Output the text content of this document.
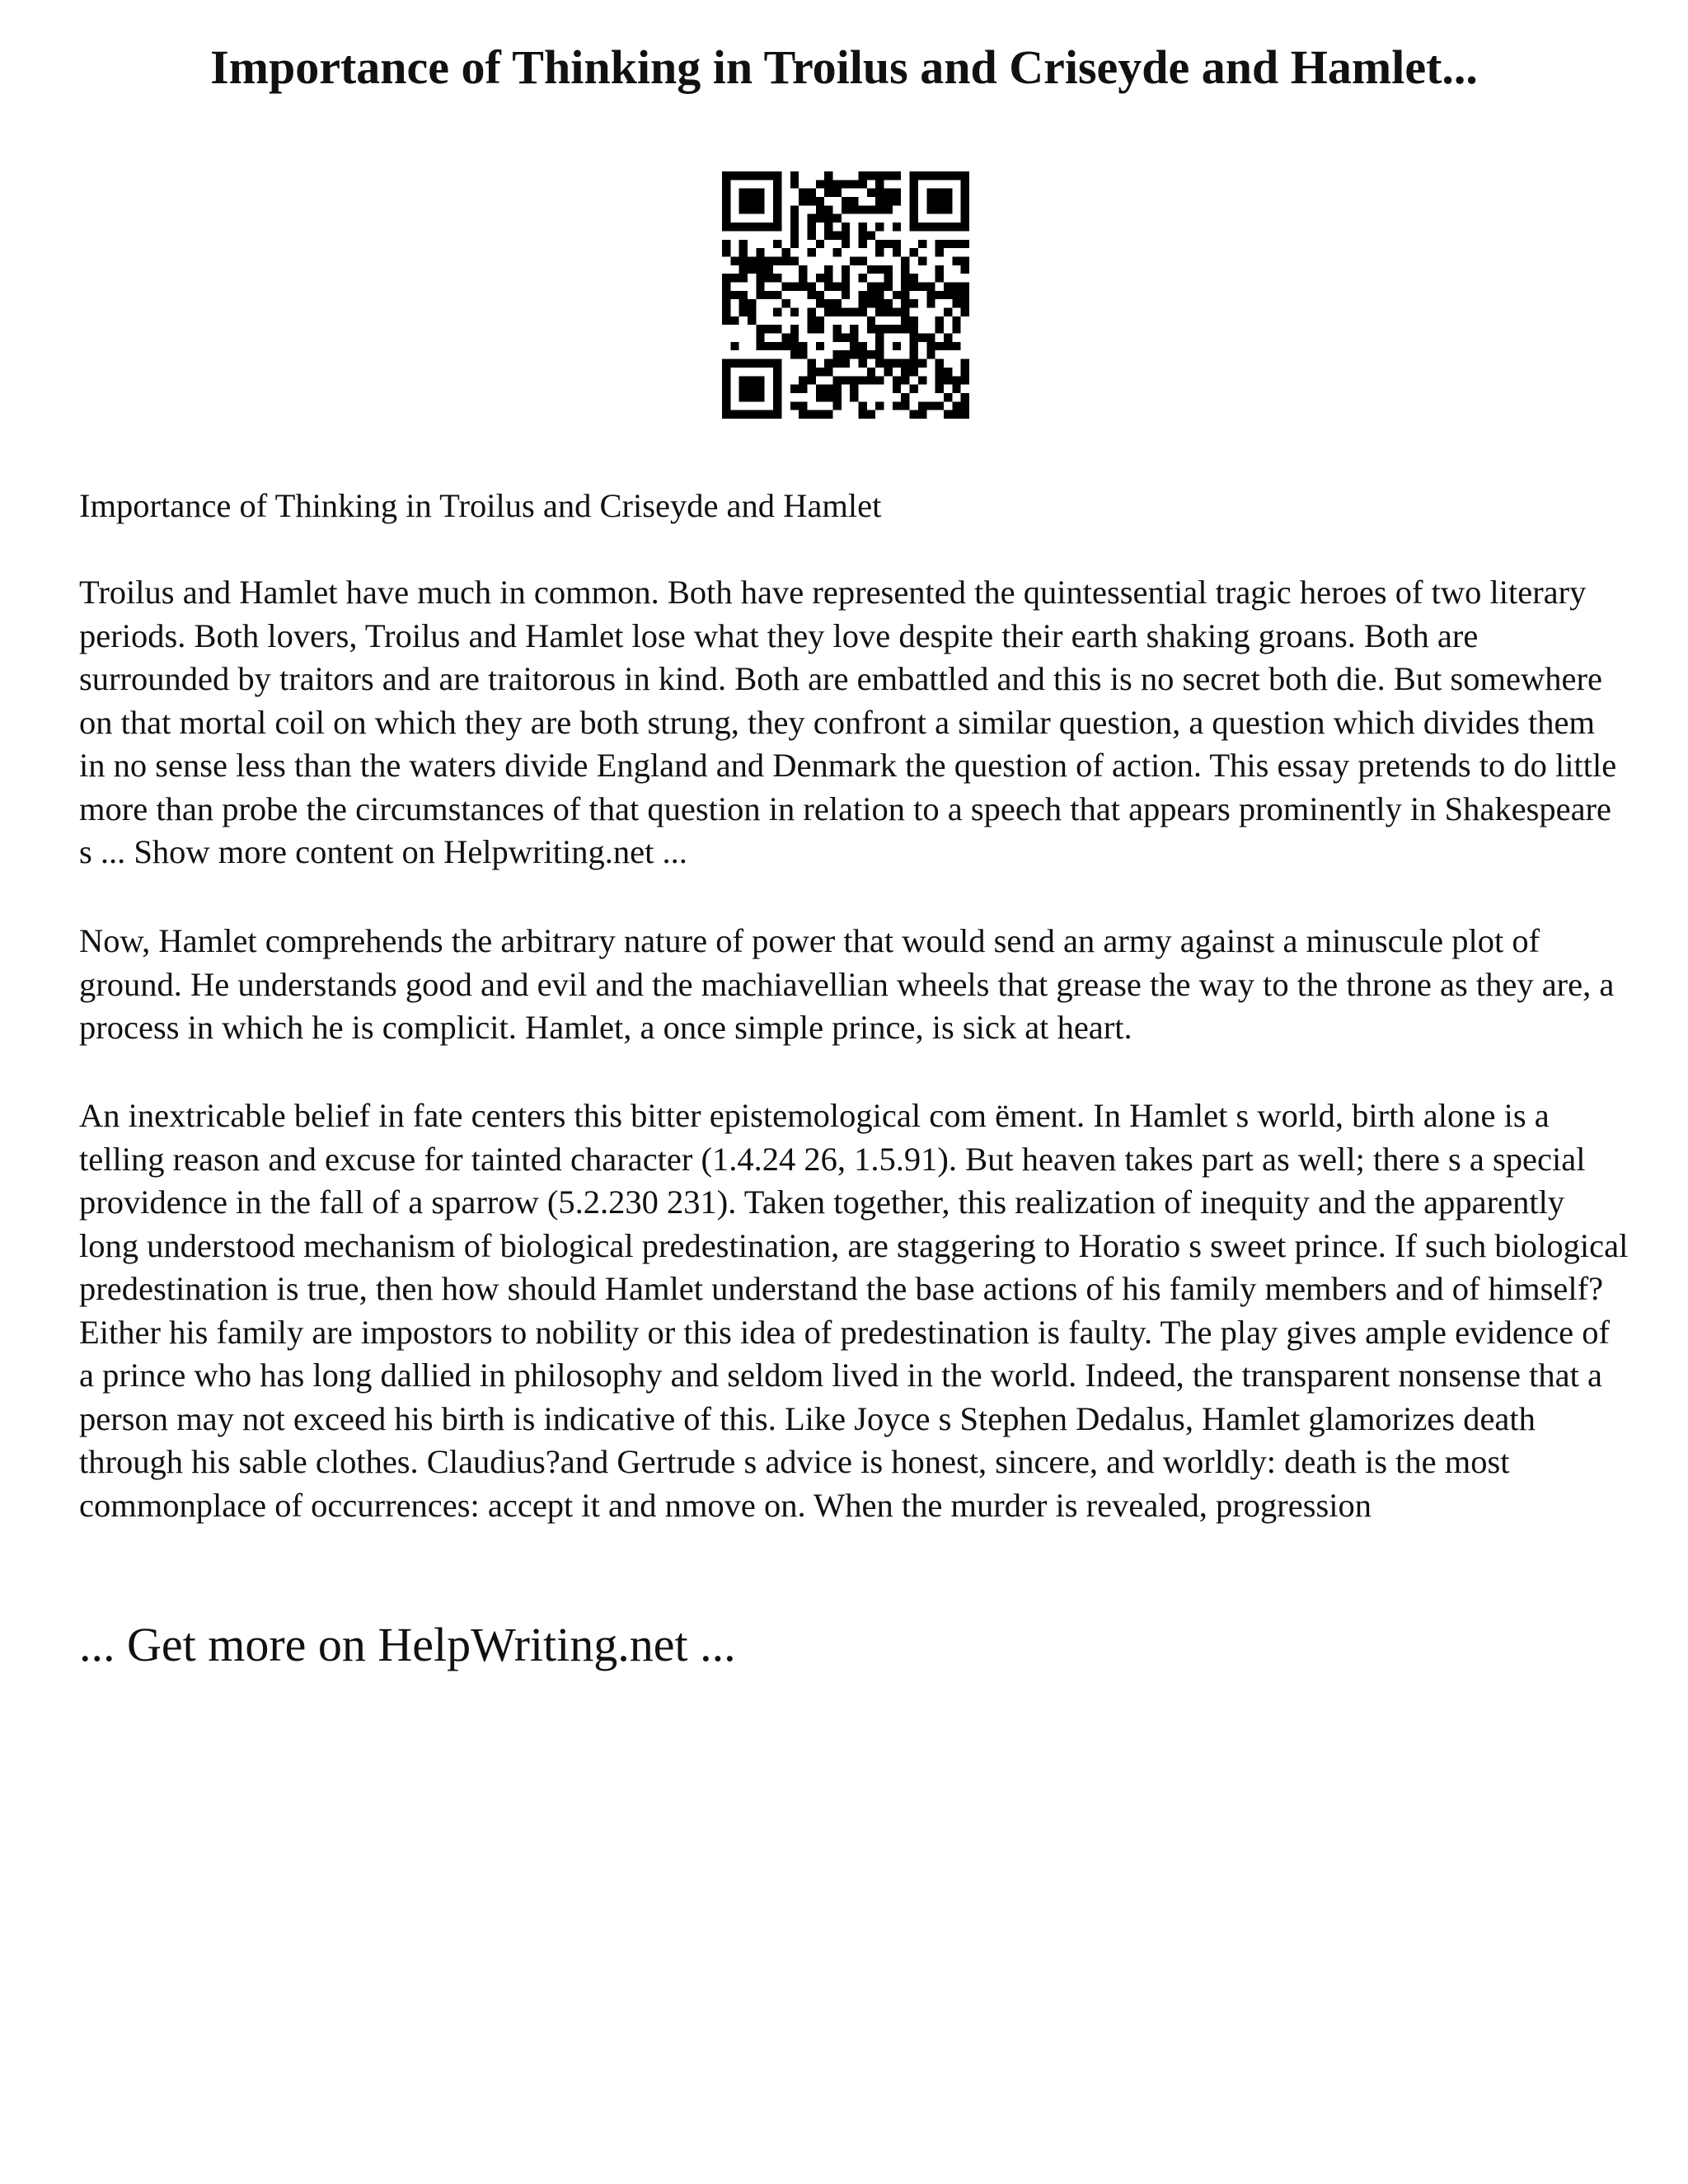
Importance of Thinking in Troilus and Criseyde and Hamlet...

Importance of Thinking in Troilus and Criseyde and Hamlet

Troilus and Hamlet have much in common. Both have represented the quintessential tragic heroes of two literary periods. Both lovers, Troilus and Hamlet lose what they love despite their earth shaking groans. Both are surrounded by traitors and are traitorous in kind. Both are embattled and this is no secret both die. But somewhere on that mortal coil on which they are both strung, they confront a similar question, a question which divides them in no sense less than the waters divide England and Denmark the question of action. This essay pretends to do little more than probe the circumstances of that question in relation to a speech that appears prominently in Shakespeare s ... Show more content on Helpwriting.net ...

Now, Hamlet comprehends the arbitrary nature of power that would send an army against a minuscule plot of ground. He understands good and evil and the machiavellian wheels that grease the way to the throne as they are, a process in which he is complicit. Hamlet, a once simple prince, is sick at heart.

An inextricable belief in fate centers this bitter epistemological com ëment. In Hamlet s world, birth alone is a telling reason and excuse for tainted character (1.4.24 26, 1.5.91). But heaven takes part as well; there s a special providence in the fall of a sparrow (5.2.230 231). Taken together, this realization of inequity and the apparently long understood mechanism of biological predestination, are staggering to Horatio s sweet prince. If such biological predestination is true, then how should Hamlet understand the base actions of his family members and of himself? Either his family are impostors to nobility or this idea of predestination is faulty. The play gives ample evidence of a prince who has long dallied in philosophy and seldom lived in the world. Indeed, the transparent nonsense that a person may not exceed his birth is indicative of this. Like Joyce s Stephen Dedalus, Hamlet glamorizes death through his sable clothes. Claudius?and Gertrude s advice is honest, sincere, and worldly: death is the most commonplace of occurrences: accept it and nmove on. When the murder is revealed, progression

... Get more on HelpWriting.net ...
